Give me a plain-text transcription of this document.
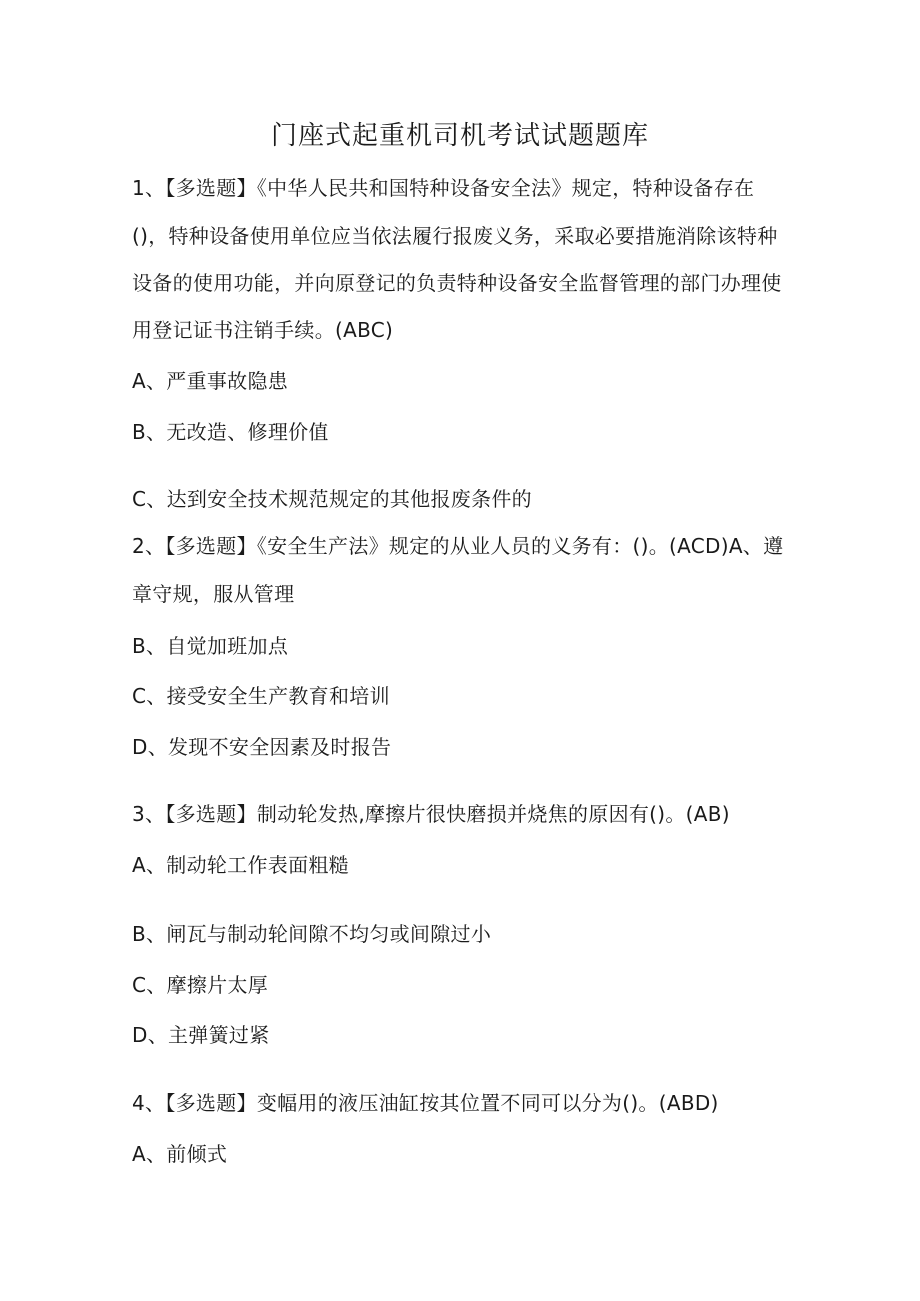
门座式起重机司机考试试题题库
1、【多选题】《中华人民共和国特种设备安全法》规定，特种设备存在
()，特种设备使用单位应当依法履行报废义务，采取必要措施消除该特种
设备的使用功能，并向原登记的负责特种设备安全监督管理的部门办理使
用登记证书注销手续。(ABC)
A、严重事故隐患
B、无改造、修理价值
C、达到安全技术规范规定的其他报废条件的
2、【多选题】《安全生产法》规定的从业人员的义务有：()。(ACD)A、遵
章守规，服从管理
B、自觉加班加点
C、接受安全生产教育和培训
D、发现不安全因素及时报告
3、【多选题】制动轮发热,摩擦片很快磨损并烧焦的原因有()。(AB)
A、制动轮工作表面粗糙
B、闸瓦与制动轮间隙不均匀或间隙过小
C、摩擦片太厚
D、主弹簧过紧
4、【多选题】变幅用的液压油缸按其位置不同可以分为()。(ABD)
A、前倾式
